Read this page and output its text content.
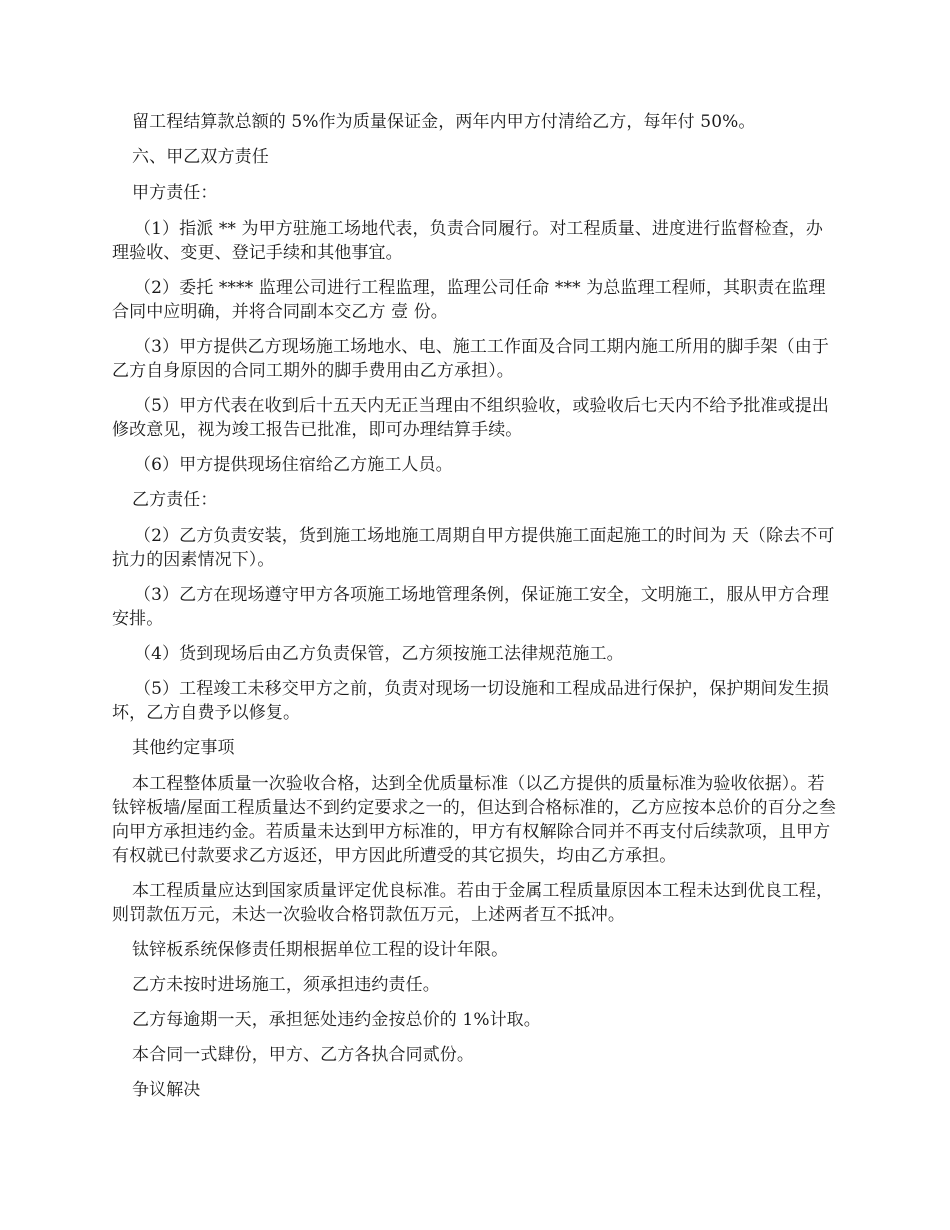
留工程结算款总额的 5%作为质量保证金，两年内甲方付清给乙方，每年付 50%。

六、甲乙双方责任

甲方责任：

（1）指派 ** 为甲方驻施工场地代表，负责合同履行。对工程质量、进度进行监督检查，办理验收、变更、登记手续和其他事宜。

（2）委托 **** 监理公司进行工程监理，监理公司任命 *** 为总监理工程师，其职责在监理合同中应明确，并将合同副本交乙方 壹 份。

（3）甲方提供乙方现场施工场地水、电、施工工作面及合同工期内施工所用的脚手架（由于乙方自身原因的合同工期外的脚手费用由乙方承担）。

（5）甲方代表在收到后十五天内无正当理由不组织验收，或验收后七天内不给予批准或提出修改意见，视为竣工报告已批准，即可办理结算手续。

（6）甲方提供现场住宿给乙方施工人员。

乙方责任：

（2）乙方负责安装，货到施工场地施工周期自甲方提供施工面起施工的时间为 天（除去不可抗力的因素情况下）。

（3）乙方在现场遵守甲方各项施工场地管理条例，保证施工安全，文明施工，服从甲方合理安排。

（4）货到现场后由乙方负责保管，乙方须按施工法律规范施工。

（5）工程竣工未移交甲方之前，负责对现场一切设施和工程成品进行保护，保护期间发生损坏，乙方自费予以修复。

其他约定事项

本工程整体质量一次验收合格，达到全优质量标准（以乙方提供的质量标准为验收依据）。若钛锌板墙/屋面工程质量达不到约定要求之一的，但达到合格标准的，乙方应按本总价的百分之叁向甲方承担违约金。若质量未达到甲方标准的，甲方有权解除合同并不再支付后续款项，且甲方有权就已付款要求乙方返还，甲方因此所遭受的其它损失，均由乙方承担。

本工程质量应达到国家质量评定优良标准。若由于金属工程质量原因本工程未达到优良工程，则罚款伍万元，未达一次验收合格罚款伍万元，上述两者互不抵冲。

钛锌板系统保修责任期根据单位工程的设计年限。

乙方未按时进场施工，须承担违约责任。

乙方每逾期一天，承担惩处违约金按总价的 1%计取。

本合同一式肆份，甲方、乙方各执合同贰份。

争议解决
